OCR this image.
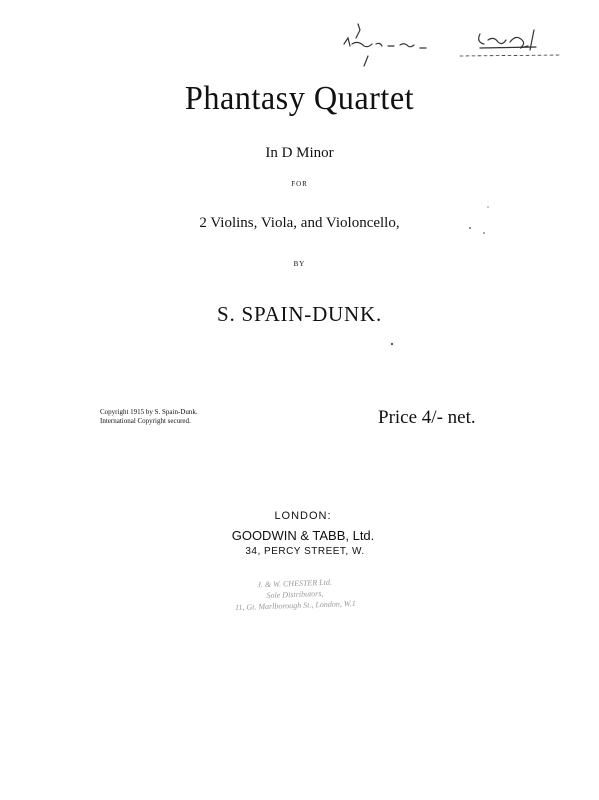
Phantasy Quartet
In D Minor
FOR
2 Violins, Viola, and Violoncello,
BY
S. SPAIN-DUNK.
Copyright 1915 by S. Spain-Dunk.
International Copyright secured.	Price 4/- net.
LONDON:
GOODWIN & TABB, Ltd.
34, PERCY STREET, W.
J. & W. CHESTER Ltd.
Sole Distributors,
11, Gt. Marlborough St., London, W.1
